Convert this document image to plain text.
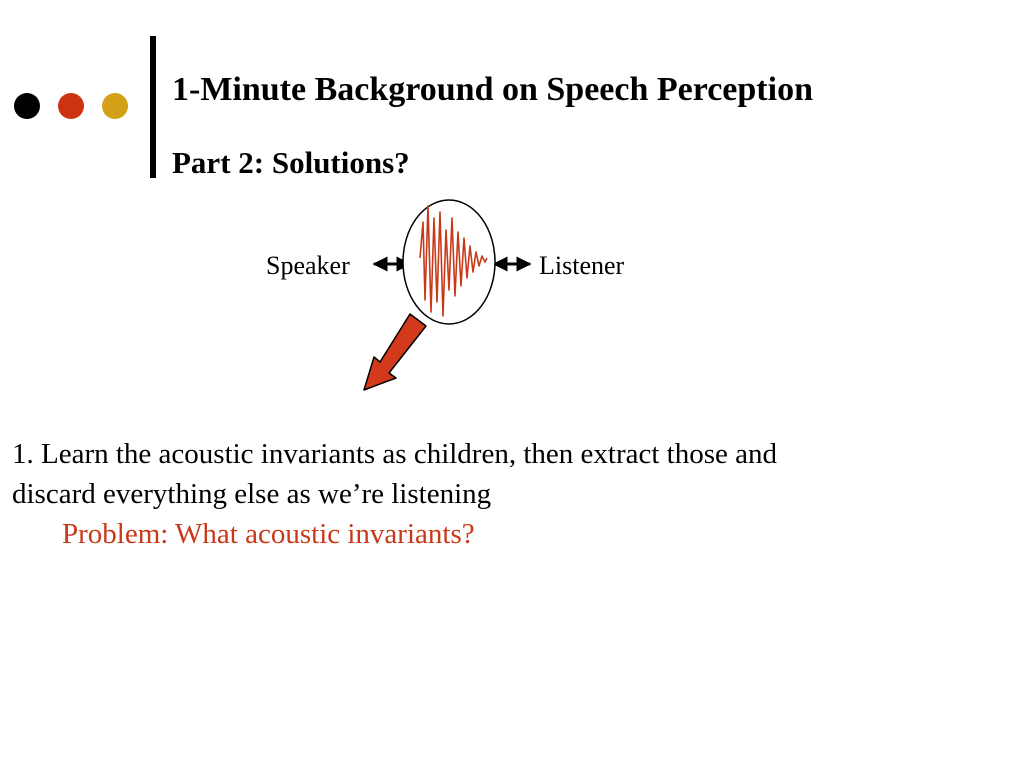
1-Minute Background on Speech Perception
Part 2: Solutions?
Speaker	Listener

1. Learn the acoustic invariants as children, then extract those and

discard everything else as we’re listening

Problem: What acoustic invariants?
